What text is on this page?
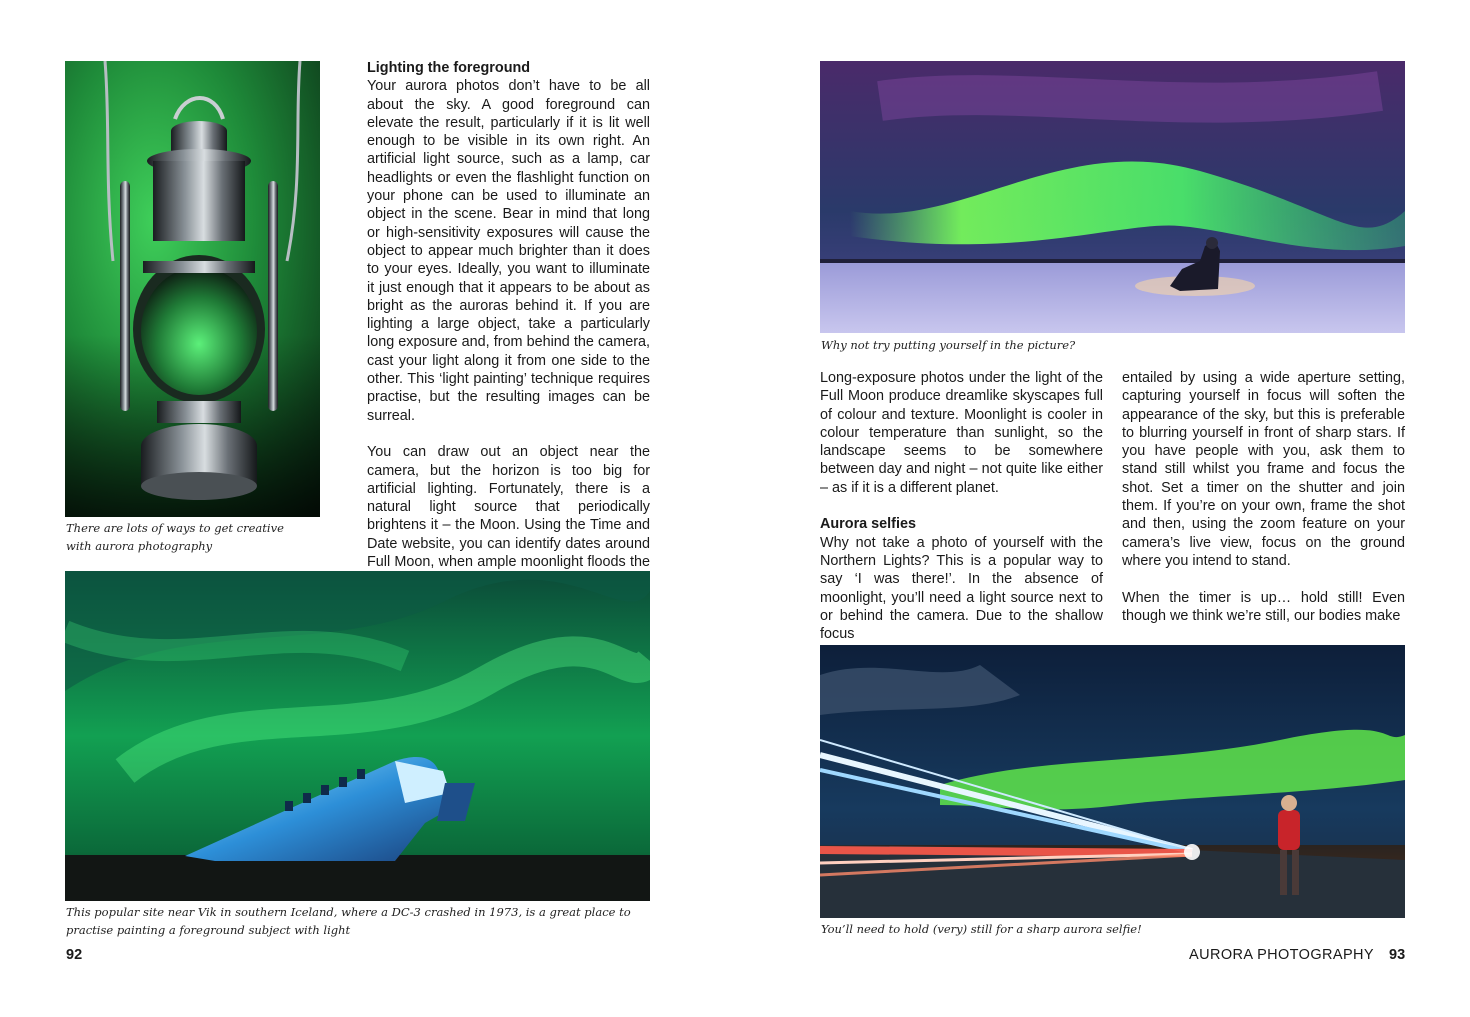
There are lots of ways to get creative with aurora photography
Lighting the foreground

Your aurora photos don’t have to be all about the sky. A good foreground can elevate the result, particularly if it is lit well enough to be visible in its own right. An artificial light source, such as a lamp, car headlights or even the flashlight function on your phone can be used to illuminate an object in the scene. Bear in mind that long or high-sensitivity exposures will cause the object to appear much brighter than it does to your eyes. Ideally, you want to illuminate it just enough that it appears to be about as bright as the auroras behind it. If you are lighting a large object, take a particularly long exposure and, from behind the camera, cast your light along it from one side to the other. This ‘light painting’ technique requires practise, but the resulting images can be surreal.

You can draw out an object near the camera, but the horizon is too big for artificial lighting. Fortunately, there is a natural light source that periodically brightens it – the Moon. Using the Time and Date website, you can identify dates around Full Moon, when ample moonlight floods the

This popular site near Vik in southern Iceland, where a DC-3 crashed in 1973, is a great place to practise painting a foreground subject with light
92
Why not try putting yourself in the picture?

Long-exposure photos under the light of the Full Moon produce dreamlike skyscapes full of colour and texture. Moonlight is cooler in colour temperature than sunlight, so the landscape seems to be somewhere between day and night – not quite like either – as if it is a different planet.

Aurora selfies

Why not take a photo of yourself with the Northern Lights? This is a popular way to say ‘I was there!’. In the absence of moonlight, you’ll need a light source next to or behind the camera. Due to the shallow focus

entailed by using a wide aperture setting, capturing yourself in focus will soften the appearance of the sky, but this is preferable to blurring yourself in front of sharp stars. If you have people with you, ask them to stand still whilst you frame and focus the shot. Set a timer on the shutter and join them. If you’re on your own, frame the shot and then, using the zoom feature on your camera’s live view, focus on the ground where you intend to stand.

When the timer is up… hold still! Even though we think we’re still, our bodies make

You’ll need to hold (very) still for a sharp aurora selfie!
AURORA PHOTOGRAPHY 93
